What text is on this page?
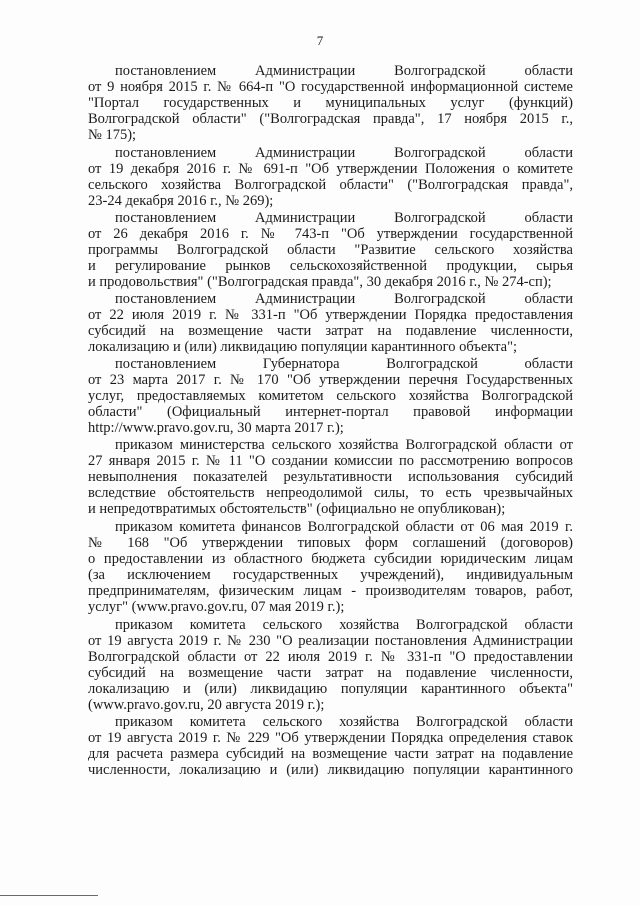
7
постановлением Администрации Волгоградской области
от 9 ноября 2015 г. № 664-п "О государственной информационной системе
"Портал государственных и муниципальных услуг (функций)
Волгоградской области" ("Волгоградская правда", 17 ноября 2015 г.,
№ 175);
постановлением Администрации Волгоградской области
от 19 декабря 2016 г. № 691-п "Об утверждении Положения о комитете
сельского хозяйства Волгоградской области" ("Волгоградская правда",
23-24 декабря 2016 г., № 269);
постановлением Администрации Волгоградской области
от 26 декабря 2016 г. № 743-п "Об утверждении государственной
программы Волгоградской области "Развитие сельского хозяйства
и регулирование рынков сельскохозяйственной продукции, сырья
и продовольствия" ("Волгоградская правда", 30 декабря 2016 г., № 274-сп);
постановлением Администрации Волгоградской области
от 22 июля 2019 г. № 331-п "Об утверждении Порядка предоставления
субсидий на возмещение части затрат на подавление численности,
локализацию и (или) ликвидацию популяции карантинного объекта";
постановлением Губернатора Волгоградской области
от 23 марта 2017 г. № 170 "Об утверждении перечня Государственных
услуг, предоставляемых комитетом сельского хозяйства Волгоградской
области" (Официальный интернет-портал правовой информации
http://www.pravo.gov.ru, 30 марта 2017 г.);
приказом министерства сельского хозяйства Волгоградской области от
27 января 2015 г. № 11 "О создании комиссии по рассмотрению вопросов
невыполнения показателей результативности использования субсидий
вследствие обстоятельств непреодолимой силы, то есть чрезвычайных
и непредотвратимых обстоятельств" (официально не опубликован);
приказом комитета финансов Волгоградской области от 06 мая 2019 г.
№ 168 "Об утверждении типовых форм соглашений (договоров)
о предоставлении из областного бюджета субсидии юридическим лицам
(за исключением государственных учреждений), индивидуальным
предпринимателям, физическим лицам - производителям товаров, работ,
услуг" (www.pravo.gov.ru, 07 мая 2019 г.);
приказом комитета сельского хозяйства Волгоградской области
от 19 августа 2019 г. № 230 "О реализации постановления Администрации
Волгоградской области от 22 июля 2019 г. № 331-п "О предоставлении
субсидий на возмещение части затрат на подавление численности,
локализацию и (или) ликвидацию популяции карантинного объекта"
(www.pravo.gov.ru, 20 августа 2019 г.);
приказом комитета сельского хозяйства Волгоградской области
от 19 августа 2019 г. № 229 "Об утверждении Порядка определения ставок
для расчета размера субсидий на возмещение части затрат на подавление
численности, локализацию и (или) ликвидацию популяции карантинного
